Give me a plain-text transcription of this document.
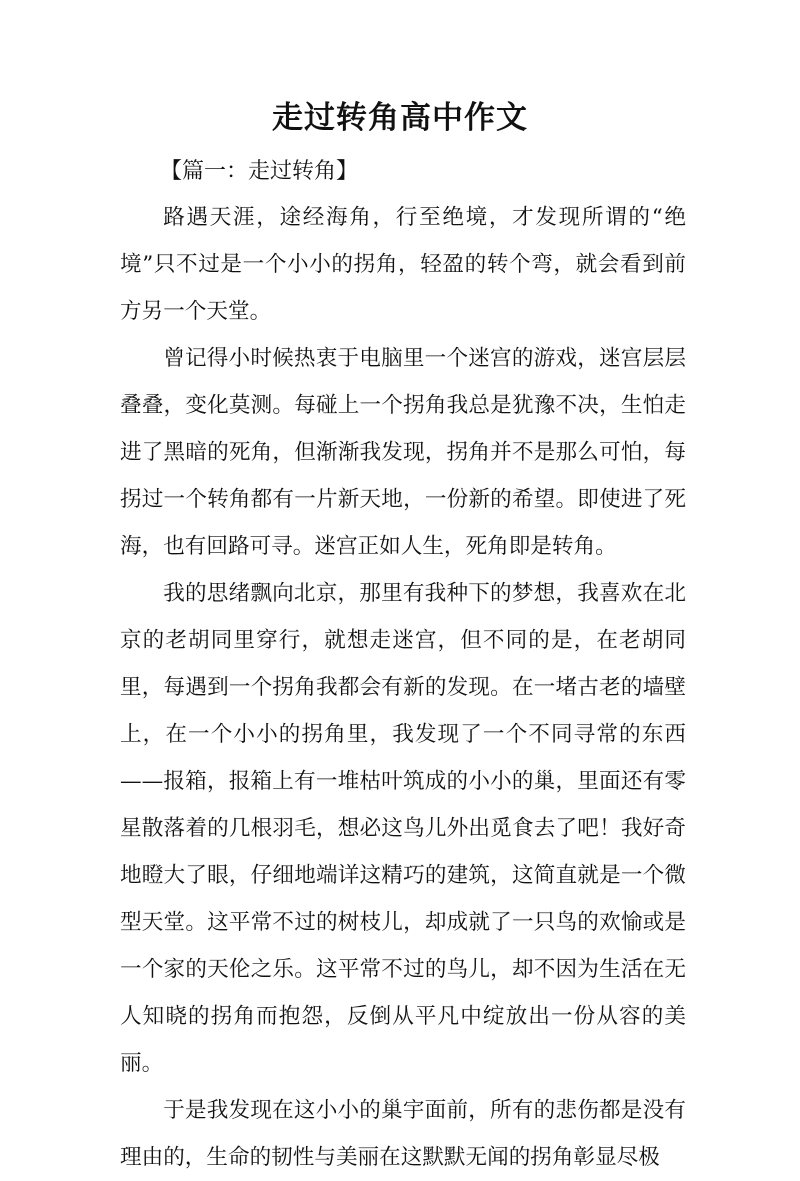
走过转角高中作文
【篇一：走过转角】

路遇天涯，途经海角，行至绝境，才发现所谓的“绝境”只不过是一个小小的拐角，轻盈的转个弯，就会看到前方另一个天堂。

曾记得小时候热衷于电脑里一个迷宫的游戏，迷宫层层叠叠，变化莫测。每碰上一个拐角我总是犹豫不决，生怕走进了黑暗的死角，但渐渐我发现，拐角并不是那么可怕，每拐过一个转角都有一片新天地，一份新的希望。即使进了死海，也有回路可寻。迷宫正如人生，死角即是转角。

我的思绪飘向北京，那里有我种下的梦想，我喜欢在北京的老胡同里穿行，就想走迷宫，但不同的是，在老胡同里，每遇到一个拐角我都会有新的发现。在一堵古老的墙壁上，在一个小小的拐角里，我发现了一个不同寻常的东西——报箱，报箱上有一堆枯叶筑成的小小的巢，里面还有零星散落着的几根羽毛，想必这鸟儿外出觅食去了吧！我好奇地瞪大了眼，仔细地端详这精巧的建筑，这简直就是一个微型天堂。这平常不过的树枝儿，却成就了一只鸟的欢愉或是一个家的天伦之乐。这平常不过的鸟儿，却不因为生活在无人知晓的拐角而抱怨，反倒从平凡中绽放出一份从容的美丽。

于是我发现在这小小的巢宇面前，所有的悲伤都是没有理由的，生命的韧性与美丽在这默默无闻的拐角彰显尽极
